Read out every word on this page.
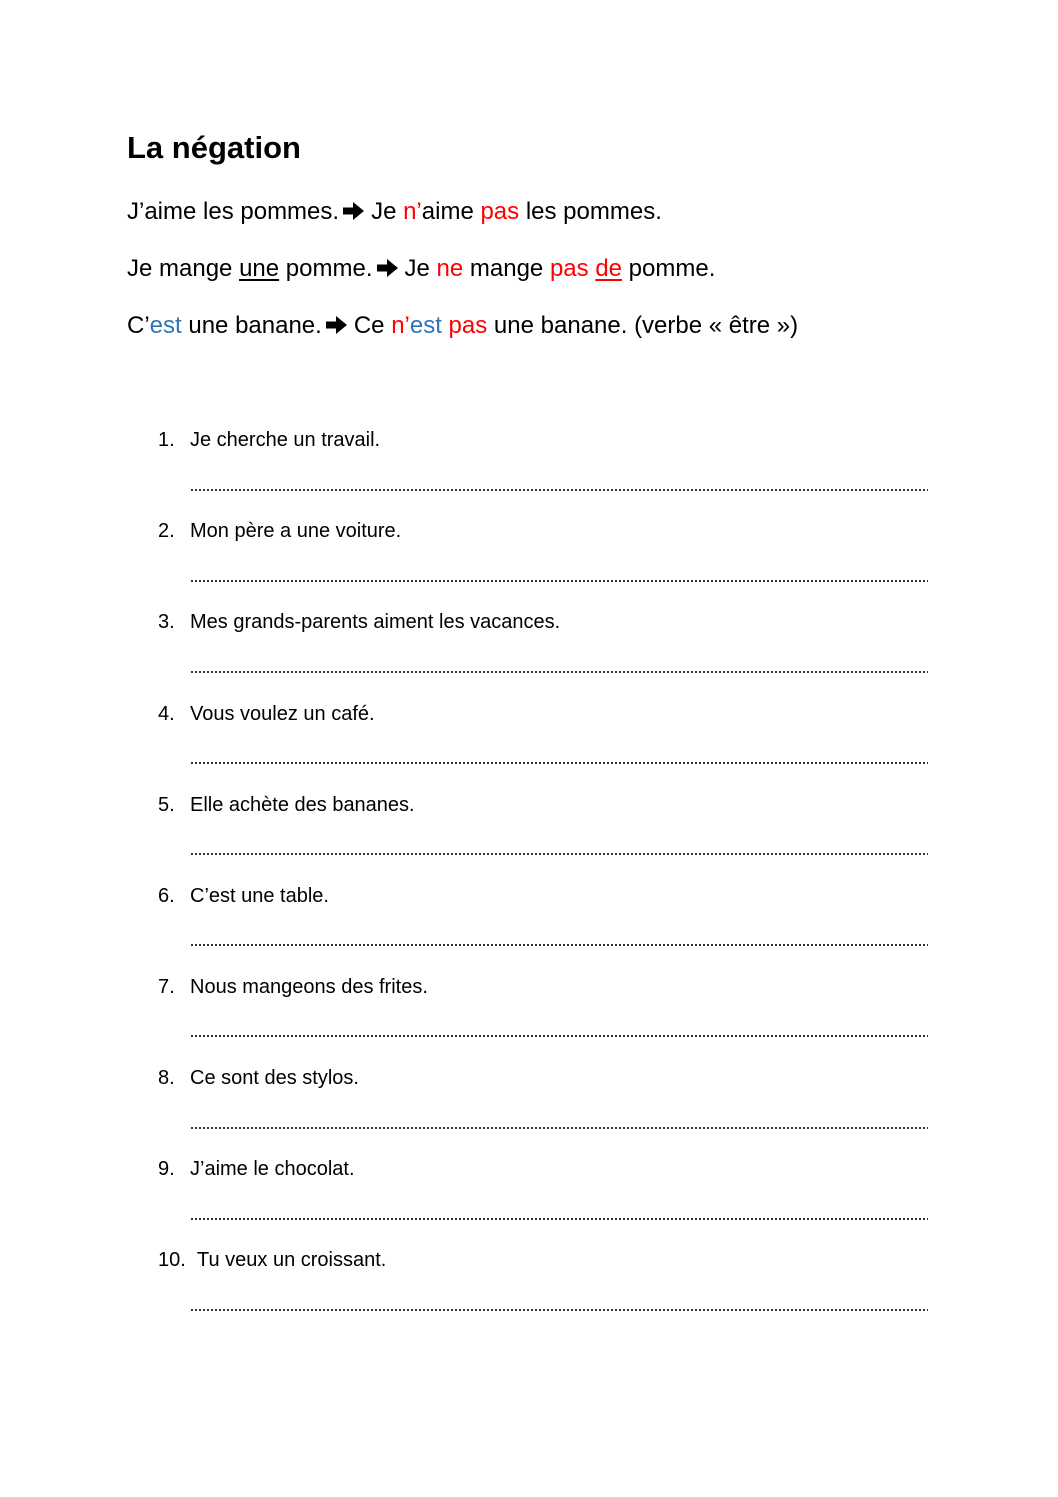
La négation
J’aime les pommes. Je n’aime pas les pommes.
Je mange une pomme. Je ne mange pas de pomme.
C’est une banane. Ce n’est pas une banane. (verbe « être »)
1. Je cherche un travail.
2. Mon père a une voiture.
3. Mes grands-parents aiment les vacances.
4. Vous voulez un café.
5. Elle achète des bananes.
6. C’est une table.
7. Nous mangeons des frites.
8. Ce sont des stylos.
9. J’aime le chocolat.
10. Tu veux un croissant.
